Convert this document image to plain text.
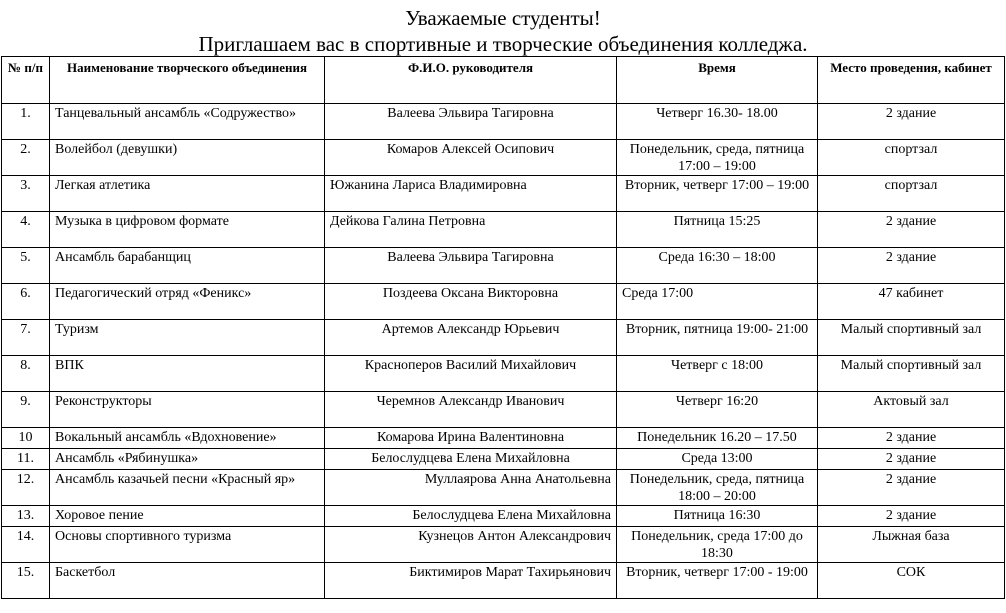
Уважаемые студенты!
Приглашаем вас в спортивные и творческие объединения колледжа.
№ п/п	Наименование творческого объединения	Ф.И.О. руководителя	Время	Место проведения, кабинет
1.	Танцевальный ансамбль «Содружество»	Валеева Эльвира Тагировна	Четверг 16.30- 18.00	2 здание
2.	Волейбол (девушки)	Комаров Алексей Осипович	Понедельник, среда, пятница 17:00 – 19:00	спортзал
3.	Легкая атлетика	Южанина Лариса Владимировна	Вторник, четверг 17:00 – 19:00	спортзал
4.	Музыка в цифровом формате	Дейкова Галина Петровна	Пятница 15:25	2 здание
5.	Ансамбль барабанщиц	Валеева Эльвира Тагировна	Среда 16:30 – 18:00	2 здание
6.	Педагогический отряд «Феникс»	Поздеева Оксана Викторовна	Среда 17:00	47 кабинет
7.	Туризм	Артемов Александр Юрьевич	Вторник, пятница 19:00- 21:00	Малый спортивный зал
8.	ВПК	Красноперов Василий Михайлович	Четверг с 18:00	Малый спортивный зал
9.	Реконструкторы	Черемнов Александр Иванович	Четверг 16:20	Актовый зал
10	Вокальный ансамбль «Вдохновение»	Комарова Ирина Валентиновна	Понедельник 16.20 – 17.50	2 здание
11.	Ансамбль «Рябинушка»	Белослудцева Елена Михайловна	Среда 13:00	2 здание
12.	Ансамбль казачьей песни «Красный яр»	Муллаярова Анна Анатольевна	Понедельник, среда, пятница 18:00 – 20:00	2 здание
13.	Хоровое пение	Белослудцева Елена Михайловна	Пятница 16:30	2 здание
14.	Основы спортивного туризма	Кузнецов Антон Александрович	Понедельник, среда 17:00 до 18:30	Лыжная база
15.	Баскетбол	Биктимиров Марат Тахирьянович	Вторник, четверг 17:00 - 19:00	СОК
